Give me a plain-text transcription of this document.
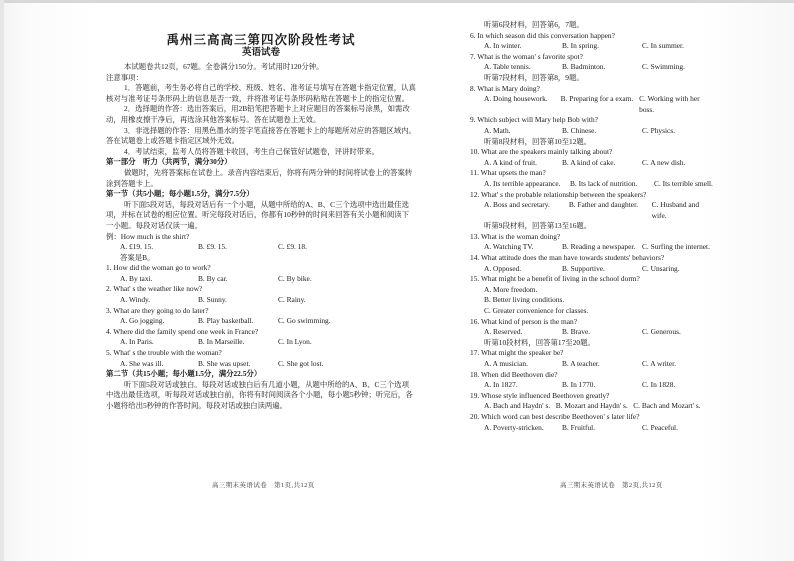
禹州三高高三第四次阶段性考试
英语试卷

本试题卷共12页，67题。全卷满分150分。考试用时120分钟。

注意事项：

1．答题前，考生务必将自己的学校、班级、姓名、准考证号填写在答题卡指定位置，认真核对与准考证号条形码上的信息是否一致，并将准考证号条形码粘贴在答题卡上的指定位置。

2．选择题的作答：选出答案后，用2B铅笔把答题卡上对应题目的答案标号涂黑，如需改动，用橡皮擦干净后，再选涂其他答案标号。答在试题卷上无效。

3．非选择题的作答：用黑色墨水的签字笔直接答在答题卡上的每题所对应的答题区域内。答在试题卷上或答题卡指定区域外无效。

4．考试结束，监考人员将答题卡收回，考生自己保管好试题卷，评讲时带来。

第一部分　听力（共两节，满分30分）

做题时，先将答案标在试卷上。录音内容结束后，你将有两分钟的时间将试卷上的答案转涂到答题卡上。

第一节（共5小题；每小题1.5分，满分7.5分）

听下面5段对话，每段对话后有一个小题，从题中所给的A、B、C三个选项中选出最佳选项，并标在试卷的相应位置。听完每段对话后，你都有10秒钟的时间来回答有关小题和阅读下一小题。每段对话仅读一遍。

例：How much is the shirt?

A. £19. 15.	B. £9. 15.	C. £9. 18.

答案是B。

1. How did the woman go to work?

A. By taxi.	B. By car.	C. By bike.

2. What' s the weather like now?

A. Windy.	B. Sunny.	C. Rainy.

3. What are they going to do later?

A. Go jogging.	B. Play basketball.	C. Go swimming.

4. Where did the family spend one week in France?

A. In Paris.	B. In Marseille.	C. In Lyon.

5. What' s the trouble with the woman?

A. She was ill.	B. She was upset.	C. She got lost.

第二节（共15小题；每小题1.5分，满分22.5分）

听下面5段对话或独白。每段对话或独白后有几道小题，从题中所给的A、B、C三个选项中选出最佳选项，听每段对话或独白前，你将有时间阅读各个小题，每小题5秒钟；听完后，各小题将给出5秒钟的作答时间。每段对话或独白读两遍。

高三期末英语试卷　第1页,共12页

听第6段材料，回答第6，7题。

6. In which season did this conversation happen?

A. In winter.	B. In spring.	C. In summer.

7. What is the woman' s favorite spot?

A. Table tennis.	B. Badminton.	C. Swimming.

听第7段材料，回答第8，9题。

8. What is Mary doing?

A. Doing housework.	B. Preparing for a exam. C. Working with her boss.

9. Which subject will Mary help Bob with?

A. Math.	B. Chinese.	C. Physics.

听第8段材料，回答第10至12题。

10. What are the speakers mainly talking about?

A. A kind of fruit.	B. A kind of cake.	C. A new dish.

11. What upsets the man?

A. Its terrible appearance.	B. Its lack of nutrition.	C. Its terrible smell.

12. What' s the probable relationship between the speakers?

A. Boss and secretary.	B. Father and daughter.	C. Husband and wife.

听第9段材料，回答第13至16题。

13. What is the woman doing?

A. Watching TV.	B. Reading a newspaper. C. Surfing the internet.

14. What attitude does the man have towards students' behaviors?

A. Opposed.	B. Supportive.	C. Unsaring.

15. What might be a benefit of living in the school dorm?

A. More freedom.

B. Better living conditions.

C. Greater convenience for classes.

16. What kind of person is the man?

A. Reserved.	B. Brave.	C. Generous.

听第10段材料，回答第17至20题。

17. What might the speaker be?

A. A musician.	B. A teacher.	C. A writer.

18. When did Beethoven die?

A. In 1827.	B. In 1770.	C. In 1828.

19. Whose style influenced Beethoven greatly?

A. Bach and Haydn' s.   B. Mozart and Haydn' s.   C. Bach and Mozart' s.

20. Which word can best describe Beethoven' s later life?

A. Poverty-stricken.	B. Fruitful.	C. Peaceful.
高三期末英语试卷　第2页,共12页
